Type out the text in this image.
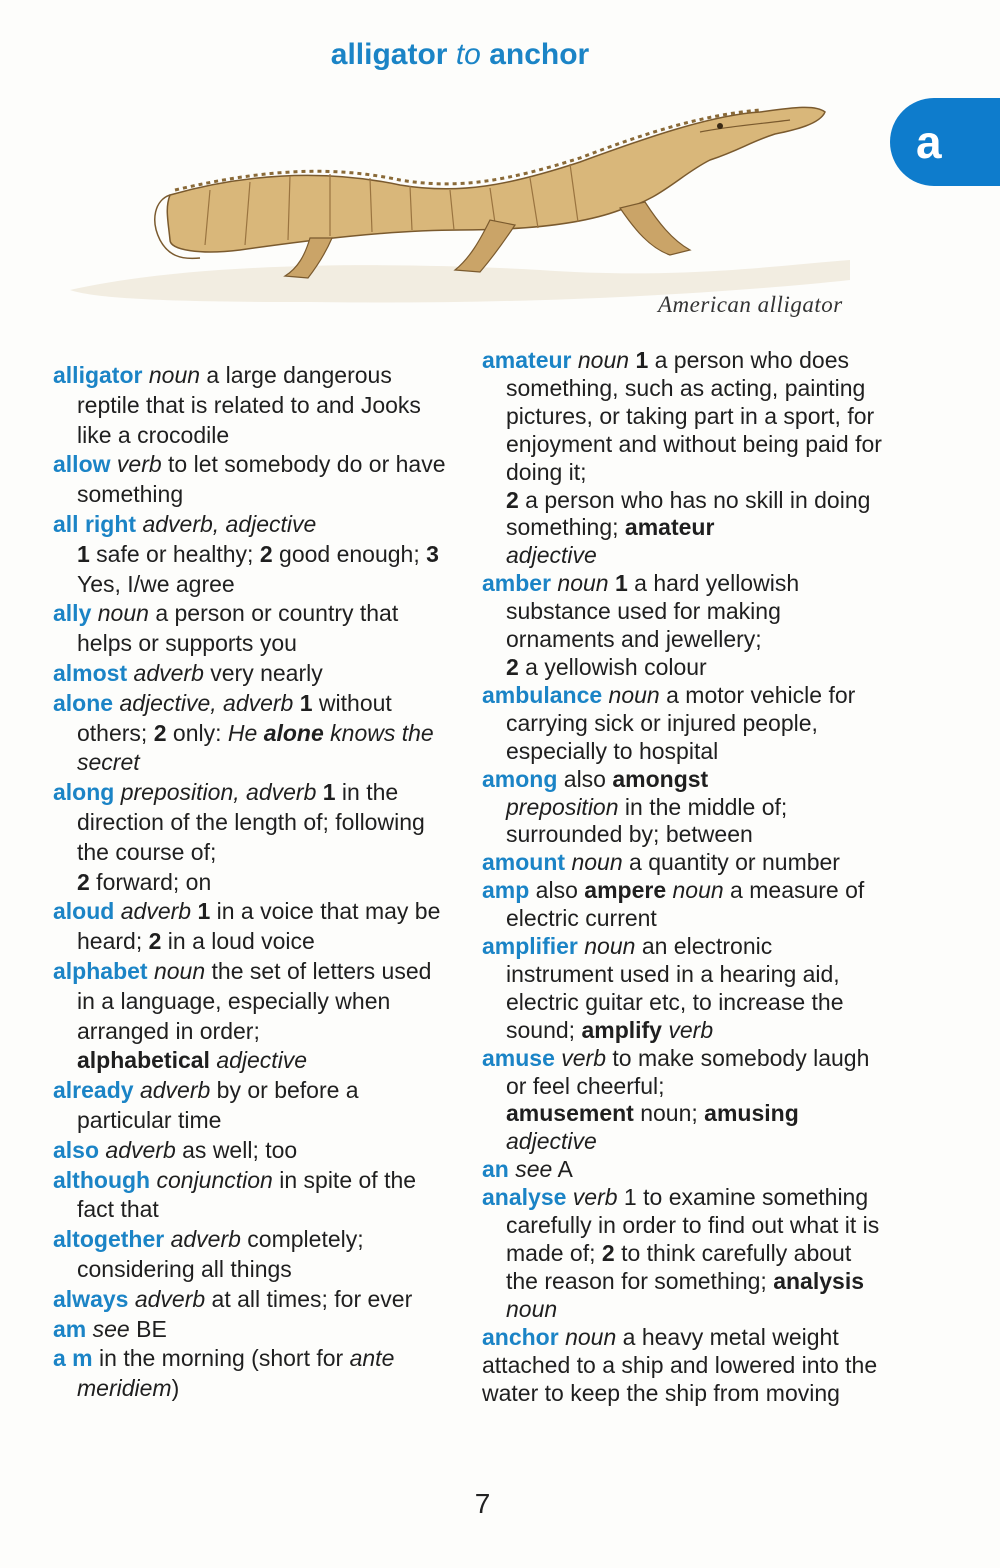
alligator to anchor
a
American alligator
alligator noun a large dangerous reptile that is related to and Jooks like a crocodile
allow verb to let somebody do or have something
all right adverb, adjective
1 safe or healthy; 2 good enough; 3 Yes, I/we agree
ally noun a person or country that helps or supports you
almost adverb very nearly
alone adjective, adverb 1 without others; 2 only: He alone knows the secret
along preposition, adverb 1 in the direction of the length of; following the course of;
2 forward; on
aloud adverb 1 in a voice that may be heard; 2 in a loud voice
alphabet noun the set of letters used in a language, especially when arranged in order;
alphabetical adjective
already adverb by or before a particular time
also adverb as well; too
although conjunction in spite of the fact that
altogether adverb completely; considering all things
always adverb at all times; for ever
am see BE
a m in the morning (short for ante meridiem)
amateur noun 1 a person who does something, such as acting, painting pictures, or taking part in a sport, for enjoyment and without being paid for doing it;
2 a person who has no skill in doing something; amateur
adjective
amber noun 1 a hard yellowish substance used for making ornaments and jewellery;
2 a yellowish colour
ambulance noun a motor vehicle for carrying sick or injured people, especially to hospital
among also amongst
preposition in the middle of; surrounded by; between
amount noun a quantity or number
amp also ampere noun a measure of electric current
amplifier noun an electronic instrument used in a hearing aid, electric guitar etc, to increase the sound; amplify verb
amuse verb to make somebody laugh or feel cheerful;
amusement noun; amusing
adjective
an see A
analyse verb 1 to examine something carefully in order to find out what it is made of; 2 to think carefully about the reason for something; analysis noun
anchor noun a heavy metal weight attached to a ship and lowered into the water to keep the ship from moving
7
